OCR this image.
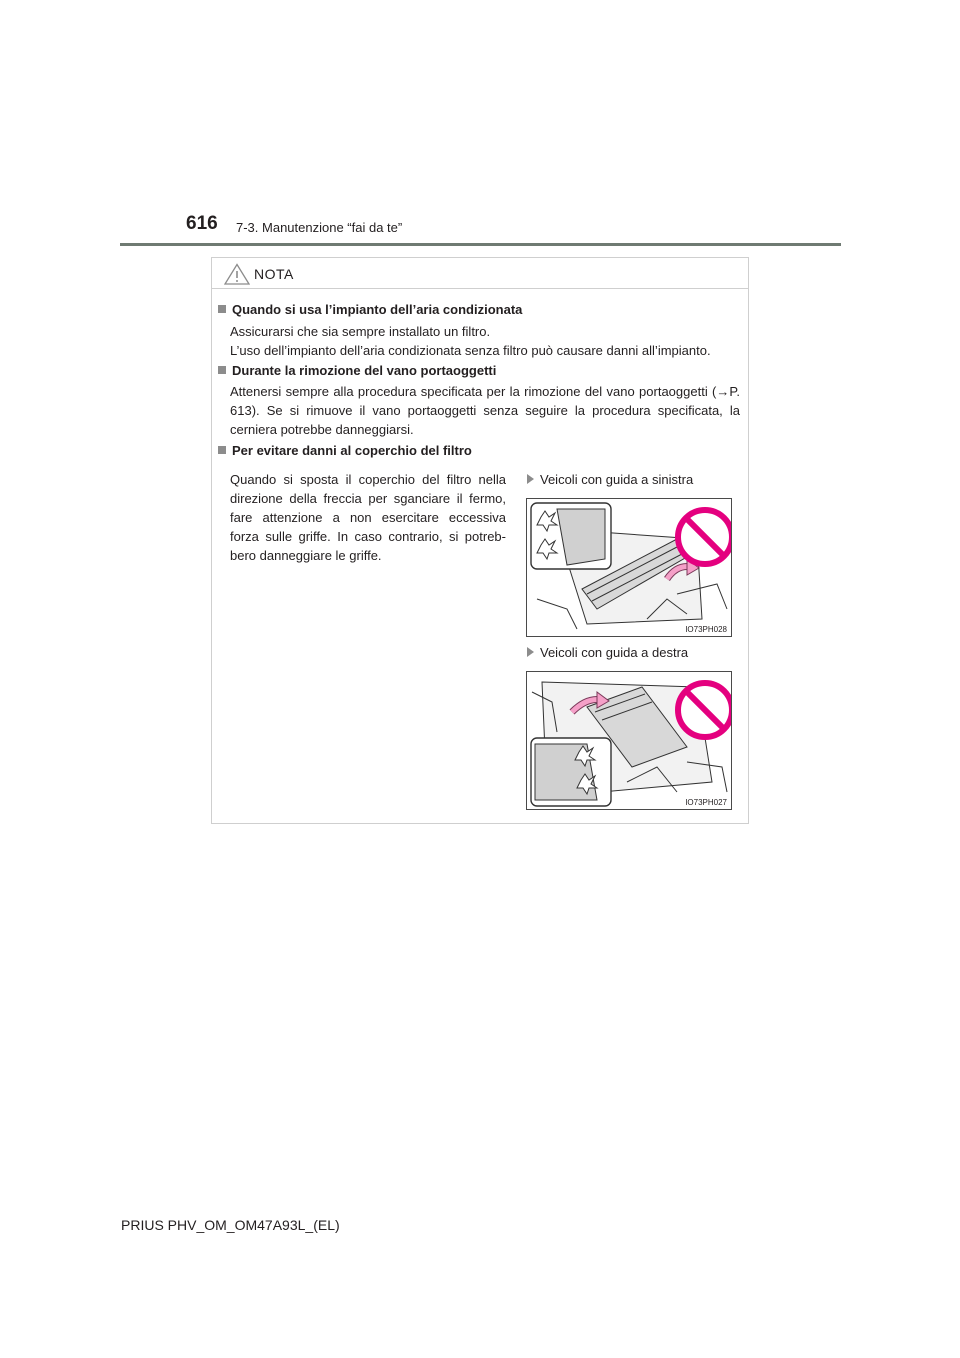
616 7-3. Manutenzione “fai da te”
NOTA
Quando si usa l’impianto dell’aria condizionata
Assicurarsi che sia sempre installato un filtro.
L’uso dell’impianto dell’aria condizionata senza filtro può causare danni all’impianto.
Durante la rimozione del vano portaoggetti
Attenersi sempre alla procedura specificata per la rimozione del vano portaoggetti (→P. 613). Se si rimuove il vano portaoggetti senza seguire la procedura specificata, la cerniera potrebbe danneggiarsi.
Per evitare danni al coperchio del filtro
Quando si sposta il coperchio del filtro nella direzione della freccia per sganciare il fermo, fare attenzione a non esercitare eccessiva forza sulle griffe. In caso contrario, si potreb-bero danneggiare le griffe.
Veicoli con guida a sinistra
IO73PH028
Veicoli con guida a destra
IO73PH027
PRIUS PHV_OM_OM47A93L_(EL)
